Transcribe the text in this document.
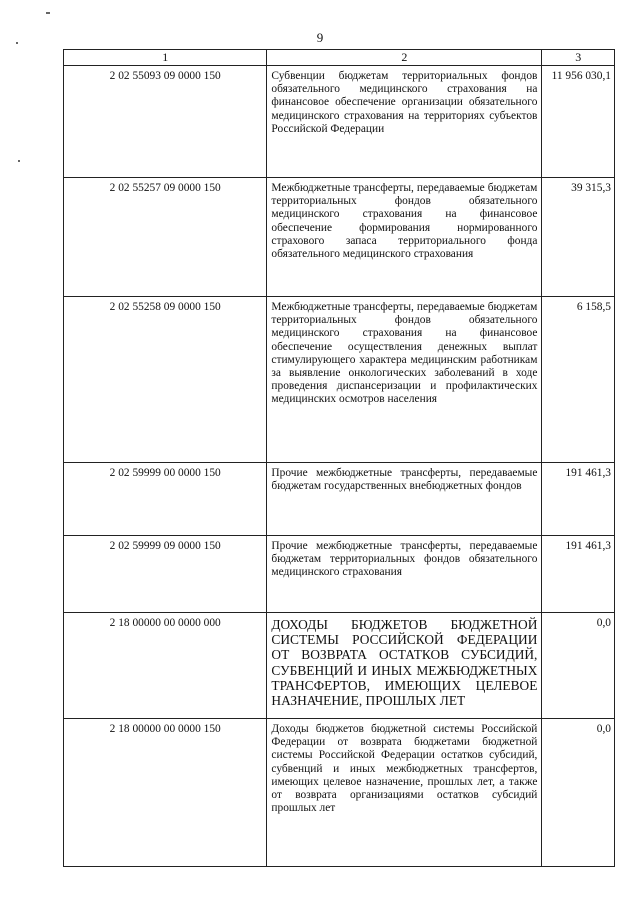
9
1	2	3
2 02 55093 09 0000 150	Субвенции бюджетам территориальных фондов обязательного медицинского страхования на финансовое обеспечение организации обязательного медицинского страхования на территориях субъектов Российской Федерации	11 956 030,1
2 02 55257 09 0000 150	Межбюджетные трансферты, передаваемые бюджетам территориальных фондов обязательного медицинского страхования на финансовое обеспечение формирования нормированного страхового запаса территориального фонда обязательного медицинского страхования	39 315,3
2 02 55258 09 0000 150	Межбюджетные трансферты, передаваемые бюджетам территориальных фондов обязательного медицинского страхования на финансовое обеспечение осуществления денежных выплат стимулирующего характера медицинским работникам за выявление онкологических заболеваний в ходе проведения диспансеризации и профилактических медицинских осмотров населения	6 158,5
2 02 59999 00 0000 150	Прочие межбюджетные трансферты, передаваемые бюджетам государственных внебюджетных фондов	191 461,3
2 02 59999 09 0000 150	Прочие межбюджетные трансферты, передаваемые бюджетам территориальных фондов обязательного медицинского страхования	191 461,3
2 18 00000 00 0000 000	ДОХОДЫ БЮДЖЕТОВ БЮДЖЕТНОЙ СИСТЕМЫ РОССИЙСКОЙ ФЕДЕРАЦИИ ОТ ВОЗВРАТА ОСТАТКОВ СУБСИДИЙ, СУБВЕНЦИЙ И ИНЫХ МЕЖБЮДЖЕТНЫХ ТРАНСФЕРТОВ, ИМЕЮЩИХ ЦЕЛЕВОЕ НАЗНАЧЕНИЕ, ПРОШЛЫХ ЛЕТ	0,0
2 18 00000 00 0000 150	Доходы бюджетов бюджетной системы Российской Федерации от возврата бюджетами бюджетной системы Российской Федерации остатков субсидий, субвенций и иных межбюджетных трансфертов, имеющих целевое назначение, прошлых лет, а также от возврата организациями остатков субсидий прошлых лет	0,0
